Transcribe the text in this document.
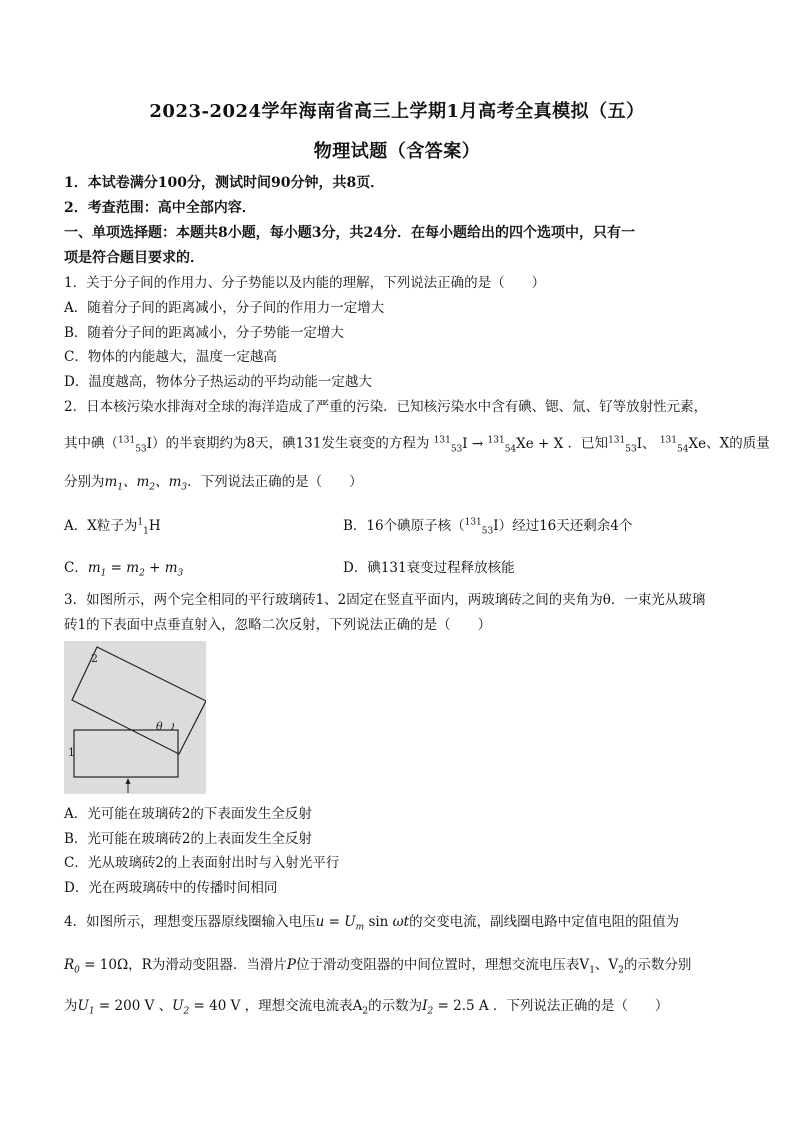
2023-2024学年海南省高三上学期1月高考全真模拟（五）
物理试题（含答案）
1．本试卷满分100分，测试时间90分钟，共8页．
2．考查范围：高中全部内容．
一、单项选择题：本题共8小题，每小题3分，共24分．在每小题给出的四个选项中，只有一
项是符合题目要求的．
1．关于分子间的作用力、分子势能以及内能的理解，下列说法正确的是（　　）
A．随着分子间的距离减小，分子间的作用力一定增大
B．随着分子间的距离减小，分子势能一定增大
C．物体的内能越大，温度一定越高
D．温度越高，物体分子热运动的平均动能一定越大
2．日本核污染水排海对全球的海洋造成了严重的污染．已知核污染水中含有碘、锶、氚、钌等放射性元素，
其中碘（$^{131}_{53}$I）的半衰期约为8天，碘131发生衰变的方程为 $^{131}_{53}$I → $^{131}_{54}$Xe + X ．已知$^{131}_{53}$I、 $^{131}_{54}$Xe、X的质量
分别为$m_1$、$m_2$、$m_3$．下列说法正确的是（　　）
A．X粒子为$^1_1$H	B．16个碘原子核（$^{131}_{53}$I）经过16天还剩余4个
C．$m_1 = m_2 + m_3$	D．碘131衰变过程释放核能
3．如图所示，两个完全相同的平行玻璃砖1、2固定在竖直平面内，两玻璃砖之间的夹角为θ．一束光从玻璃
砖1的下表面中点垂直射入，忽略二次反射，下列说法正确的是（　　）
1
2
θ
A．光可能在玻璃砖2的下表面发生全反射
B．光可能在玻璃砖2的上表面发生全反射
C．光从玻璃砖2的上表面射出时与入射光平行
D．光在两玻璃砖中的传播时间相同
4．如图所示，理想变压器原线圈输入电压$u = U_m$ sin ωt的交变电流，副线圈电路中定值电阻的阻值为
$R_0 = 10\Omega$，R为滑动变阻器．当滑片P位于滑动变阻器的中间位置时，理想交流电压表$V_1$、$V_2$的示数分别
为$U_1 = 200$ V 、$U_2 = 40$ V ，理想交流电流表$A_2$的示数为$I_2 = 2.5$ A ．下列说法正确的是（　　）
